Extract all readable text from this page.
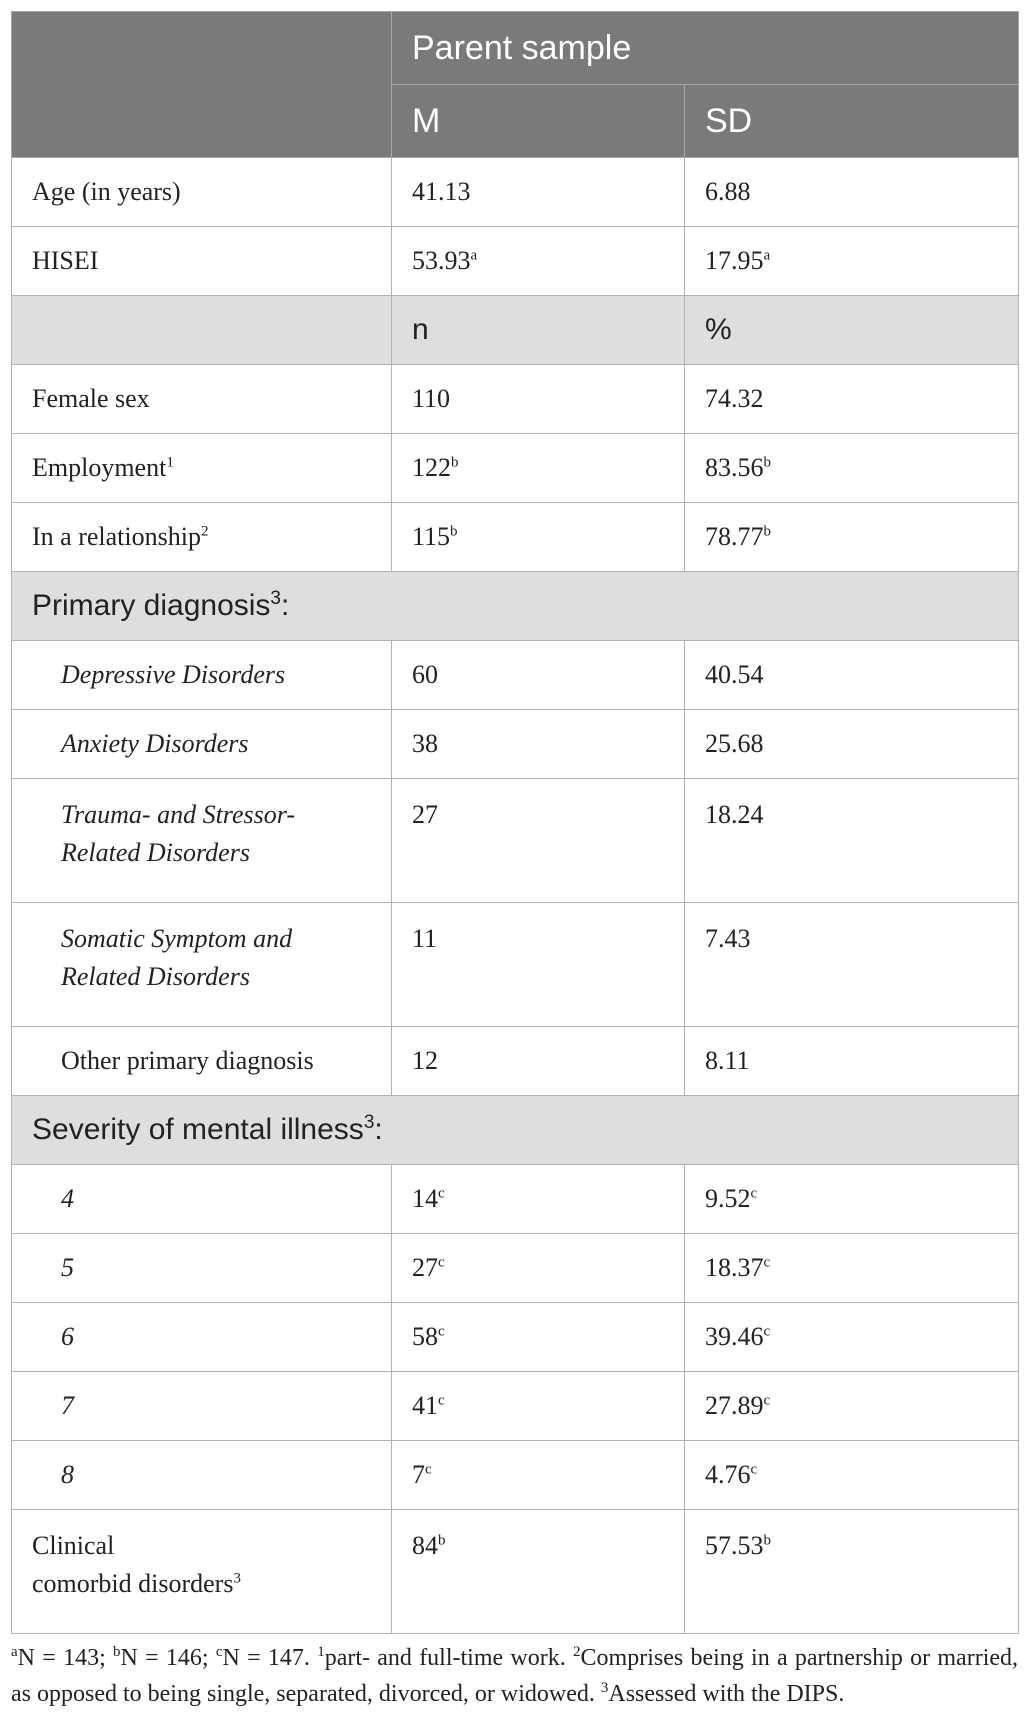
	Parent sample	
	M	SD
Age (in years)	41.13	6.88
HISEI	53.93$^a$	17.95$^a$
	n	%
Female sex	110	74.32
Employment$^1$	122$^b$	83.56$^b$
In a relationship$^2$	115$^b$	78.77$^b$
Primary diagnosis$^3$:		
Depressive Disorders	60	40.54
Anxiety Disorders	38	25.68
Trauma- and Stressor-
Related Disorders	27	18.24
Somatic Symptom and
Related Disorders	11	7.43
Other primary diagnosis	12	8.11
Severity of mental illness$^3$:		
4	14$^c$	9.52$^c$
5	27$^c$	18.37$^c$
6	58$^c$	39.46$^c$
7	41$^c$	27.89$^c$
8	7$^c$	4.76$^c$
Clinical
comorbid disorders$^3$	84$^b$	57.53$^b$
$^a$N = 143; $^b$N = 146; $^c$N = 147. $^1$part- and full-time work. $^2$Comprises being in a partnership or married, as opposed to being single, separated, divorced, or widowed. $^3$Assessed with the DIPS.
